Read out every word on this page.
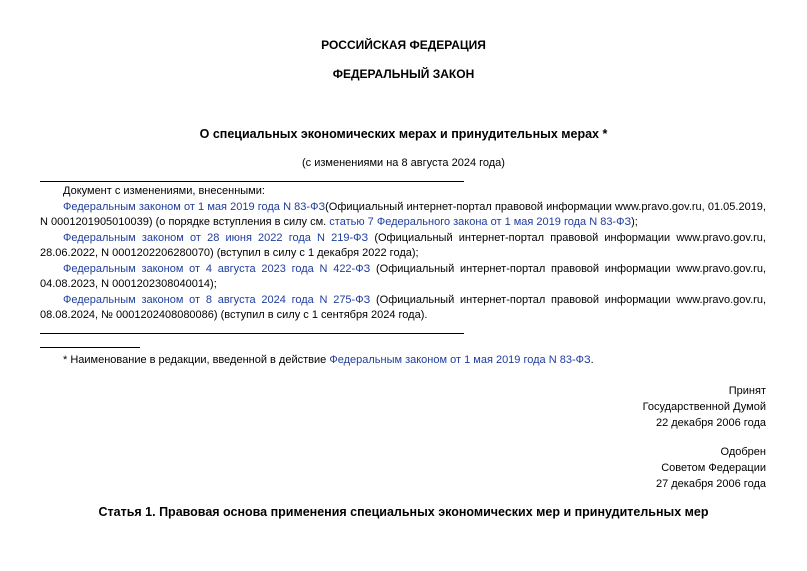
РОССИЙСКАЯ ФЕДЕРАЦИЯ
ФЕДЕРАЛЬНЫЙ ЗАКОН
О специальных экономических мерах и принудительных мерах *
(с изменениями на 8 августа 2024 года)

Документ с изменениями, внесенными:

Федеральным законом от 1 мая 2019 года N 83-ФЗ(Официальный интернет-портал правовой информации www.pravo.gov.ru, 01.05.2019, N 0001201905010039) (о порядке вступления в силу см. статью 7 Федерального закона от 1 мая 2019 года N 83-ФЗ);

Федеральным законом от 28 июня 2022 года N 219-ФЗ (Официальный интернет-портал правовой информации www.pravo.gov.ru, 28.06.2022, N 0001202206280070) (вступил в силу с 1 декабря 2022 года);

Федеральным законом от 4 августа 2023 года N 422-ФЗ (Официальный интернет-портал правовой информации www.pravo.gov.ru, 04.08.2023, N 0001202308040014);

Федеральным законом от 8 августа 2024 года N 275-ФЗ (Официальный интернет-портал правовой информации www.pravo.gov.ru, 08.08.2024, № 0001202408080086) (вступил в силу с 1 сентября 2024 года).

* Наименование в редакции, введенной в действие Федеральным законом от 1 мая 2019 года N 83-ФЗ.

Принят
Государственной Думой
22 декабря 2006 года
Одобрен
Советом Федерации
27 декабря 2006 года
Статья 1. Правовая основа применения специальных экономических мер и принудительных мер
